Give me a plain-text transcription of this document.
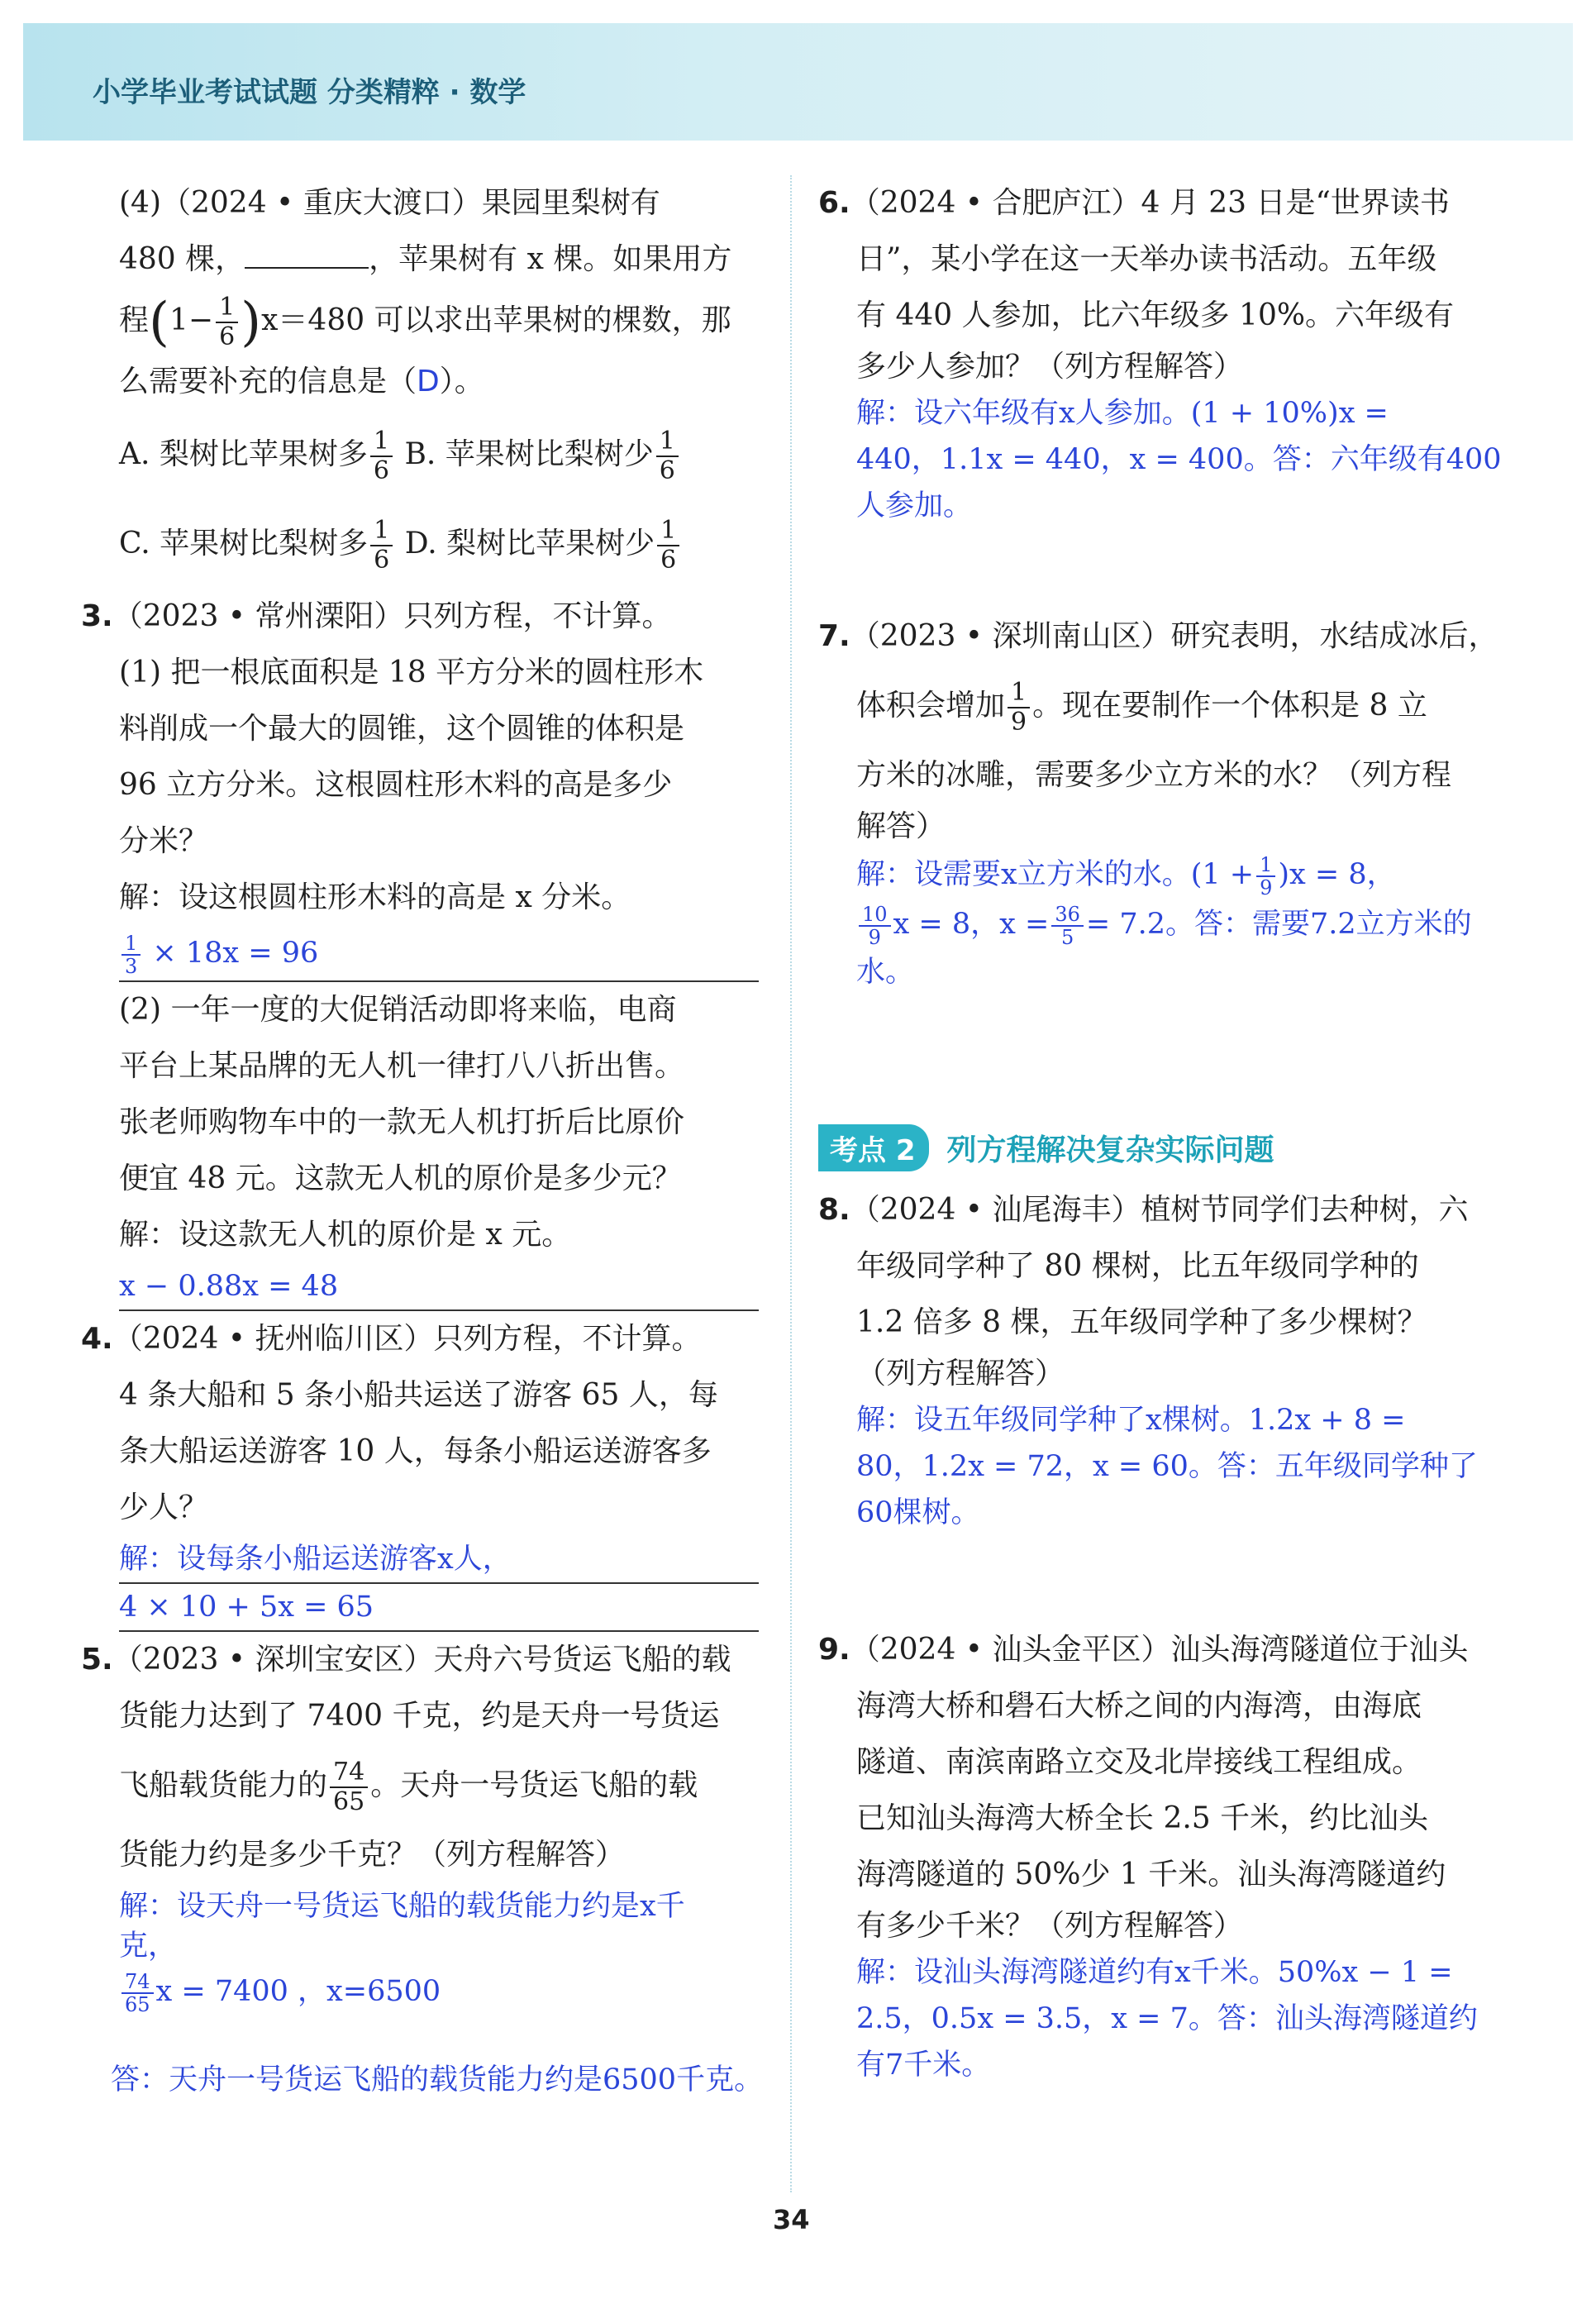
小学毕业考试试题 分类精粹 · 数学
(4)（2024 • 重庆大渡口）果园里梨树有
480 棵，	，苹果树有 x 棵。如果用方
程$(1- \frac{1}{6} )x=480$ 可以求出苹果树的棵数，那
么需要补充的信息是（D）。
A. 梨树比苹果树多 $\frac{1}{6} B$. 苹果树比梨树少 $\frac{1}{6}$
C. 苹果树比梨树多 $\frac{1}{6} D$. 梨树比苹果树少 $\frac{1}{6}$
3.（2023 • 常州溧阳）只列方程，不计算。
(1) 把一根底面积是 18 平方分米的圆柱形木
料削成一个最大的圆锥，这个圆锥的体积是
96 立方分米。这根圆柱形木料的高是多少
分米？
解：设这根圆柱形木料的高是 x 分米。
$\frac{1}{3} \times 18x = 96$
(2) 一年一度的大促销活动即将来临，电商
平台上某品牌的无人机一律打八八折出售。
张老师购物车中的一款无人机打折后比原价
便宜 48 元。这款无人机的原价是多少元？
解：设这款无人机的原价是 x 元。
x − 0.88x = 48
4.（2024 • 抚州临川区）只列方程，不计算。
4 条大船和 5 条小船共运送了游客 65 人，每
条大船运送游客 10 人，每条小船运送游客多
少人？
解：设每条小船运送游客x人，
4 × 10 + 5x = 65
5.（2023 • 深圳宝安区）天舟六号货运飞船的载
货能力达到了 7400 千克，约是天舟一号货运
飞船载货能力的 $\frac{74}{65}$ 。天舟一号货运飞船的载
货能力约是多少千克？（列方程解答）
解：设天舟一号货运飞船的载货能力约是x千
克，
$\frac{74}{65}$ x = 7400 ，x=6500
答：天舟一号货运飞船的载货能力约是6500千克。
6.（2024 • 合肥庐江）4 月 23 日是“世界读书
日”，某小学在这一天举办读书活动。五年级
有 440 人参加，比六年级多 10%。六年级有
多少人参加？（列方程解答）
解：设六年级有x人参加。(1 + 10%)x =
440，1.1x = 440，x = 400。答：六年级有400
人参加。
7.（2023 • 深圳南山区）研究表明，水结成冰后，
体积会增加 $\frac{1}{9}$ 。现在要制作一个体积是 8 立
方米的冰雕，需要多少立方米的水？（列方程
解答）
解：设需要x立方米的水。$(1 + \frac{1}{9} )x = 8$，
$\frac{10}{9}$ x = 8，$x = \frac{36}{5} = 7.2$。答：需要7.2立方米的
水。
考点 2	列方程解决复杂实际问题
8.（2024 • 汕尾海丰）植树节同学们去种树，六
年级同学种了 80 棵树，比五年级同学种的
1.2 倍多 8 棵，五年级同学种了多少棵树？
（列方程解答）
解：设五年级同学种了x棵树。1.2x + 8 =
80，1.2x = 72，x = 60。答：五年级同学种了
60棵树。
9.（2024 • 汕头金平区）汕头海湾隧道位于汕头
海湾大桥和礐石大桥之间的内海湾，由海底
隧道、南滨南路立交及北岸接线工程组成。
已知汕头海湾大桥全长 2.5 千米，约比汕头
海湾隧道的 50%少 1 千米。汕头海湾隧道约
有多少千米？（列方程解答）
解：设汕头海湾隧道约有x千米。50%x − 1 =
2.5，0.5x = 3.5，x = 7。答：汕头海湾隧道约
有7千米。
34
